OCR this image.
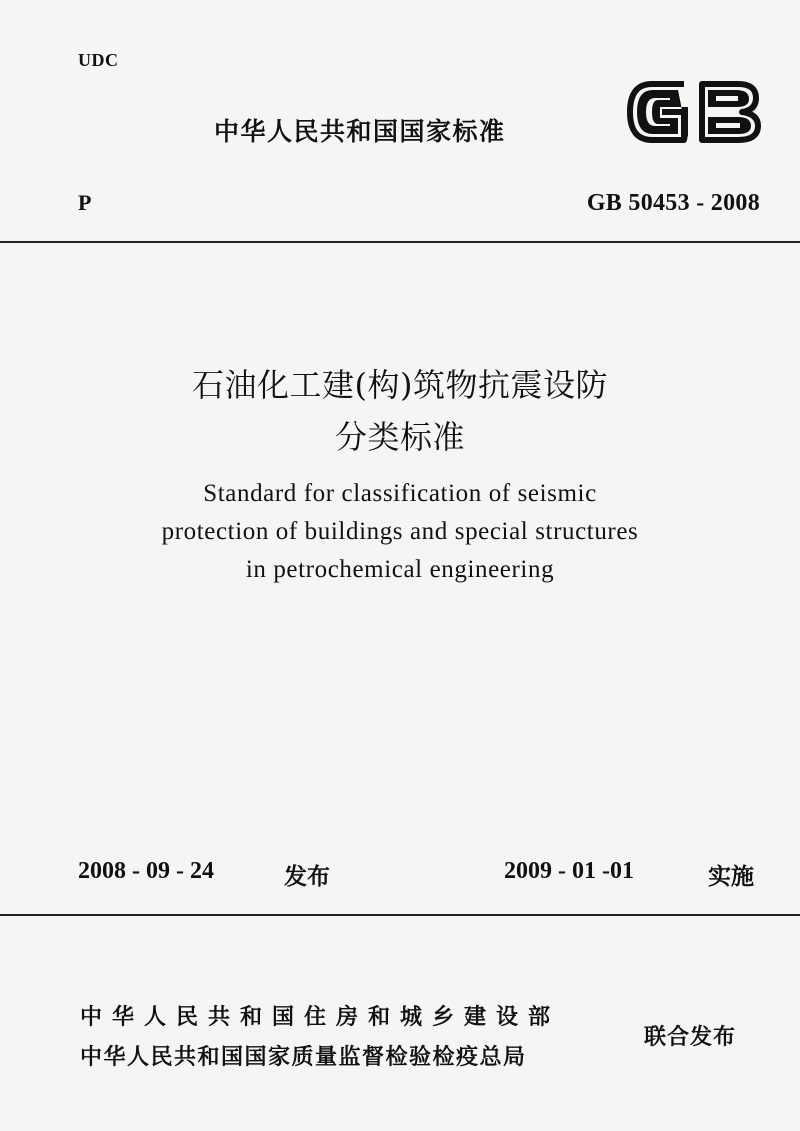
UDC
中华人民共和国国家标准
P	GB 50453 - 2008
石油化工建(构)筑物抗震设防
分类标准
Standard for classification of seismic
protection of buildings and special structures
in petrochemical engineering
2008 - 09 - 24	发布	2009 - 01 -01	实施
中华人民共和国住房和城乡建设部
中华人民共和国国家质量监督检验检疫总局
联合发布
